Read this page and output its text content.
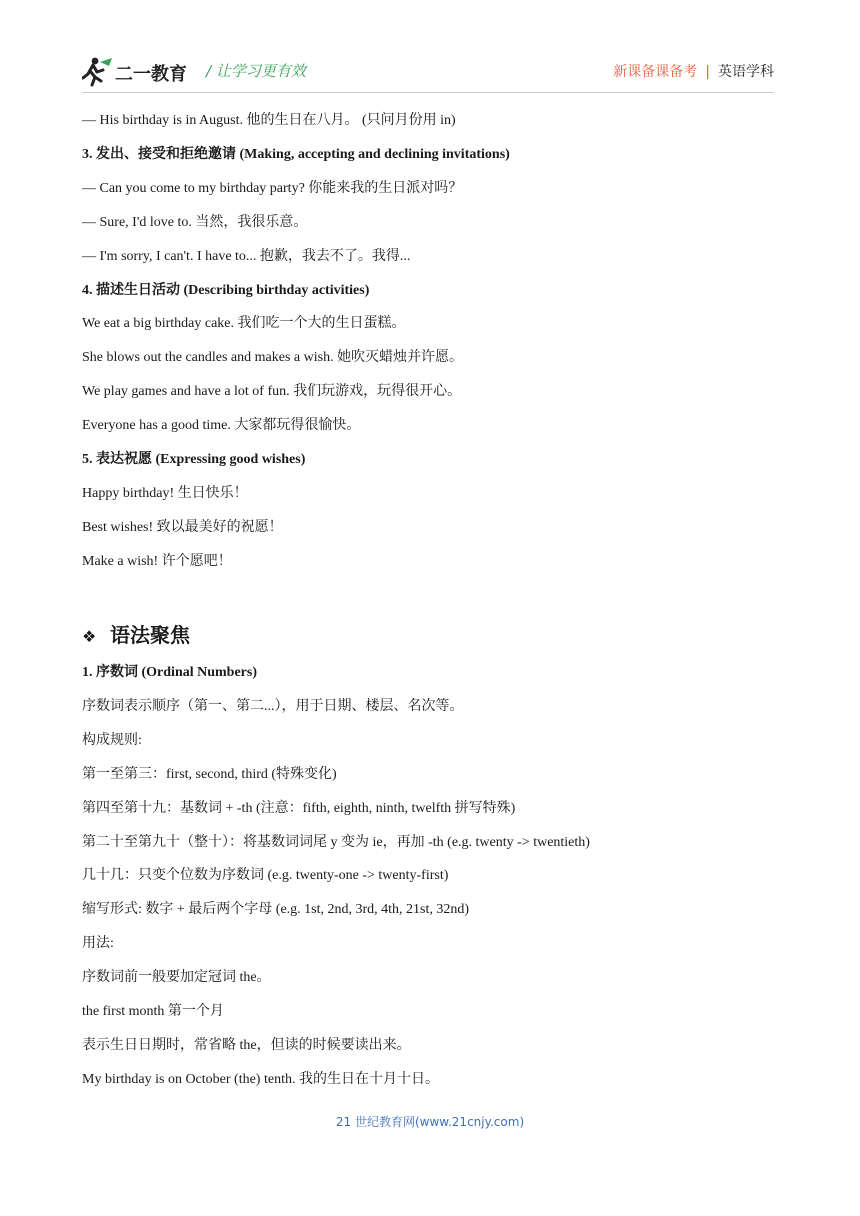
二一教育 / 让学习更有效	新课备课备考 | 英语学科
— His birthday is in August. 他的生日在八月。 (只问月份用 in)
3. 发出、接受和拒绝邀请 (Making, accepting and declining invitations)
— Can you come to my birthday party? 你能来我的生日派对吗？
— Sure, I'd love to. 当然，我很乐意。
— I'm sorry, I can't. I have to... 抱歉，我去不了。我得...
4. 描述生日活动 (Describing birthday activities)
We eat a big birthday cake. 我们吃一个大的生日蛋糕。
She blows out the candles and makes a wish. 她吹灭蜡烛并许愿。
We play games and have a lot of fun. 我们玩游戏，玩得很开心。
Everyone has a good time. 大家都玩得很愉快。
5. 表达祝愿 (Expressing good wishes)
Happy birthday! 生日快乐！
Best wishes! 致以最美好的祝愿！
Make a wish! 许个愿吧！
❖ 语法聚焦
1. 序数词 (Ordinal Numbers)
序数词表示顺序（第一、第二...），用于日期、楼层、名次等。
构成规则:
第一至第三：first, second, third (特殊变化)
第四至第十九：基数词 + -th (注意：fifth, eighth, ninth, twelfth 拼写特殊)
第二十至第九十（整十）：将基数词词尾 y 变为 ie，再加 -th (e.g. twenty -> twentieth)
几十几：只变个位数为序数词 (e.g. twenty-one -> twenty-first)
缩写形式: 数字 + 最后两个字母 (e.g. 1st, 2nd, 3rd, 4th, 21st, 32nd)
用法:
序数词前一般要加定冠词 the。
the first month 第一个月
表示生日日期时，常省略 the，但读的时候要读出来。
My birthday is on October (the) tenth. 我的生日在十月十日。
21 世纪教育网(www.21cnjy.com)
